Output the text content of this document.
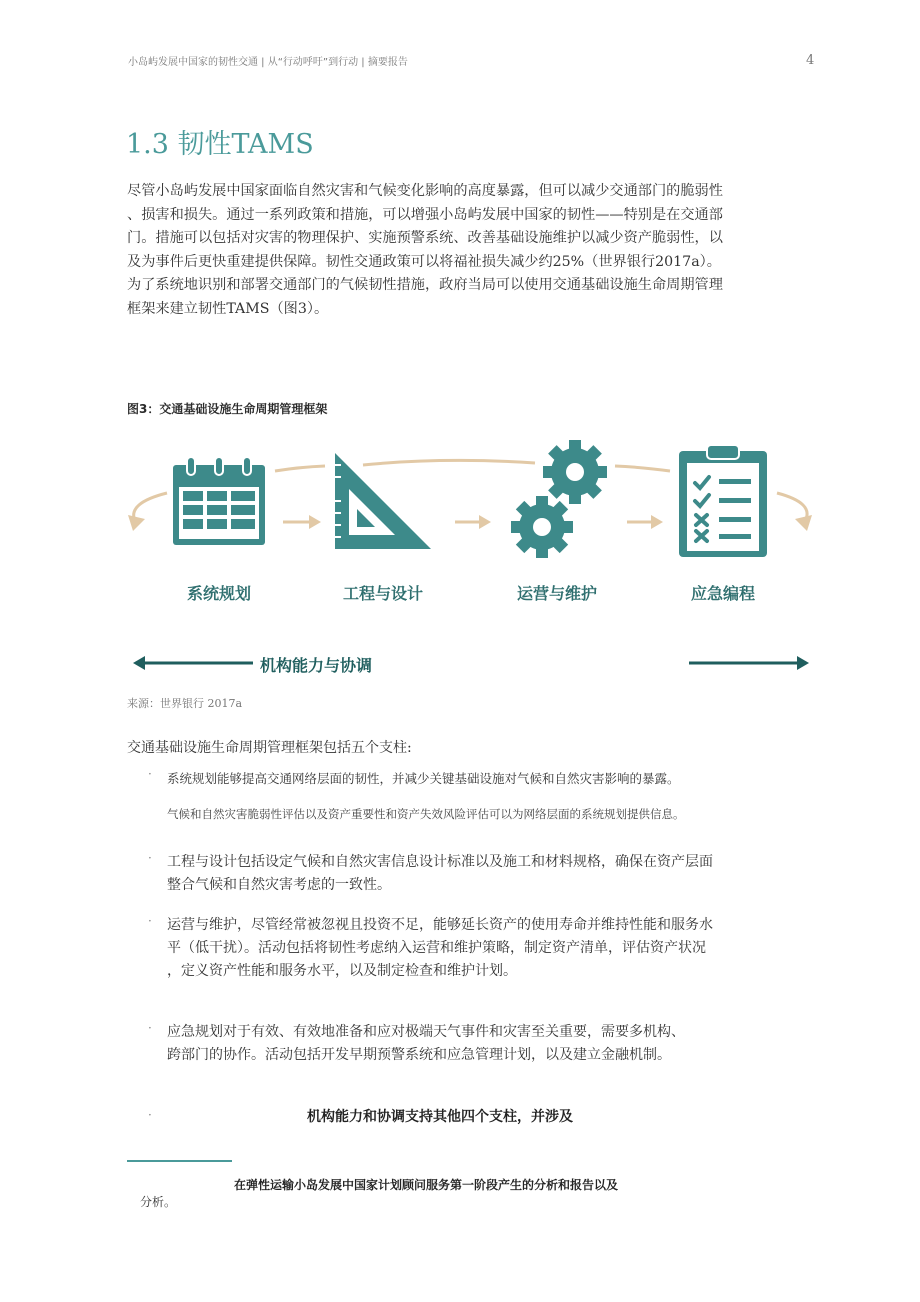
小岛屿发展中国家的韧性交通 | 从“行动呼吁”到行动 | 摘要报告	4
1.3 韧性TAMS
尽管小岛屿发展中国家面临自然灾害和气候变化影响的高度暴露，但可以减少交通部门的脆弱性
、损害和损失。通过一系列政策和措施，可以增强小岛屿发展中国家的韧性——特别是在交通部
门。措施可以包括对灾害的物理保护、实施预警系统、改善基础设施维护以减少资产脆弱性，以
及为事件后更快重建提供保障。韧性交通政策可以将福祉损失减少约25%（世界银行2017a）。
为了系统地识别和部署交通部门的气候韧性措施，政府当局可以使用交通基础设施生命周期管理
框架来建立韧性TAMS（图3）。
图3：交通基础设施生命周期管理框架
系统规划	工程与设计	运营与维护	应急编程
机构能力与协调
来源：世界银行 2017a
交通基础设施生命周期管理框架包括五个支柱:
· 系统规划能够提高交通网络层面的韧性，并减少关键基础设施对气候和自然灾害影响的暴露。
气候和自然灾害脆弱性评估以及资产重要性和资产失效风险评估可以为网络层面的系统规划提供信息。
· 工程与设计包括设定气候和自然灾害信息设计标准以及施工和材料规格，确保在资产层面
整合气候和自然灾害考虑的一致性。
· 运营与维护，尽管经常被忽视且投资不足，能够延长资产的使用寿命并维持性能和服务水
平（低干扰）。活动包括将韧性考虑纳入运营和维护策略，制定资产清单，评估资产状况
，定义资产性能和服务水平，以及制定检查和维护计划。
· 应急规划对于有效、有效地准备和应对极端天气事件和灾害至关重要，需要多机构、
跨部门的协作。活动包括开发早期预警系统和应急管理计划，以及建立金融机制。
·	机构能力和协调支持其他四个支柱，并涉及
在弹性运输小岛发展中国家计划顾问服务第一阶段产生的分析和报告以及
分析。
